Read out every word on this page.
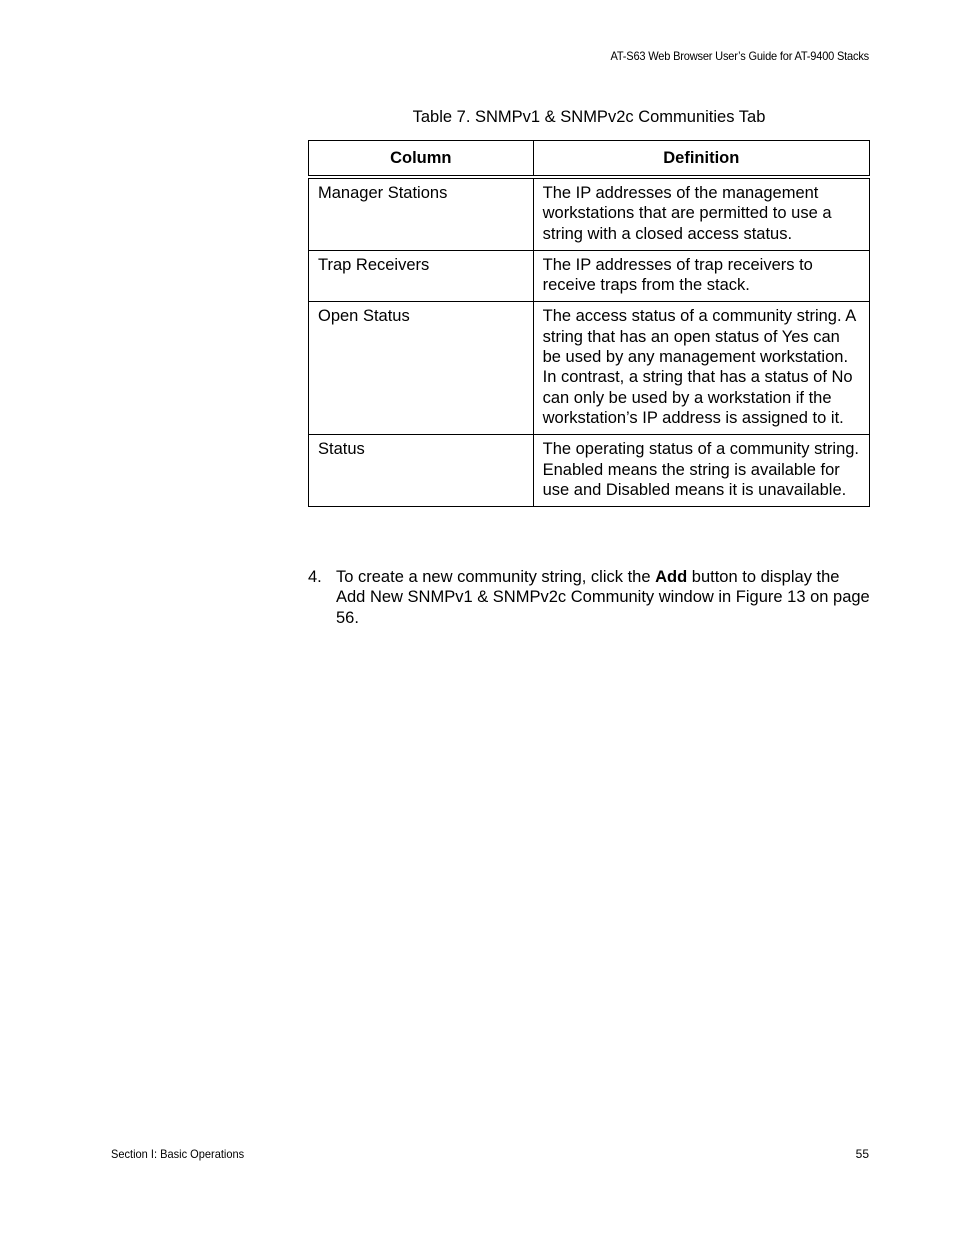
AT-S63 Web Browser User’s Guide for AT-9400 Stacks
Table 7. SNMPv1 & SNMPv2c Communities Tab
Column	Definition
Manager Stations	The IP addresses of the management workstations that are permitted to use a string with a closed access status.
Trap Receivers	The IP addresses of trap receivers to receive traps from the stack.
Open Status	The access status of a community string. A string that has an open status of Yes can be used by any management workstation. In contrast, a string that has a status of No can only be used by a workstation if the workstation’s IP address is assigned to it.
Status	The operating status of a community string. Enabled means the string is available for use and Disabled means it is unavailable.
4. To create a new community string, click the Add button to display the Add New SNMPv1 & SNMPv2c Community window in Figure 13 on page 56.
Section I: Basic Operations	55
